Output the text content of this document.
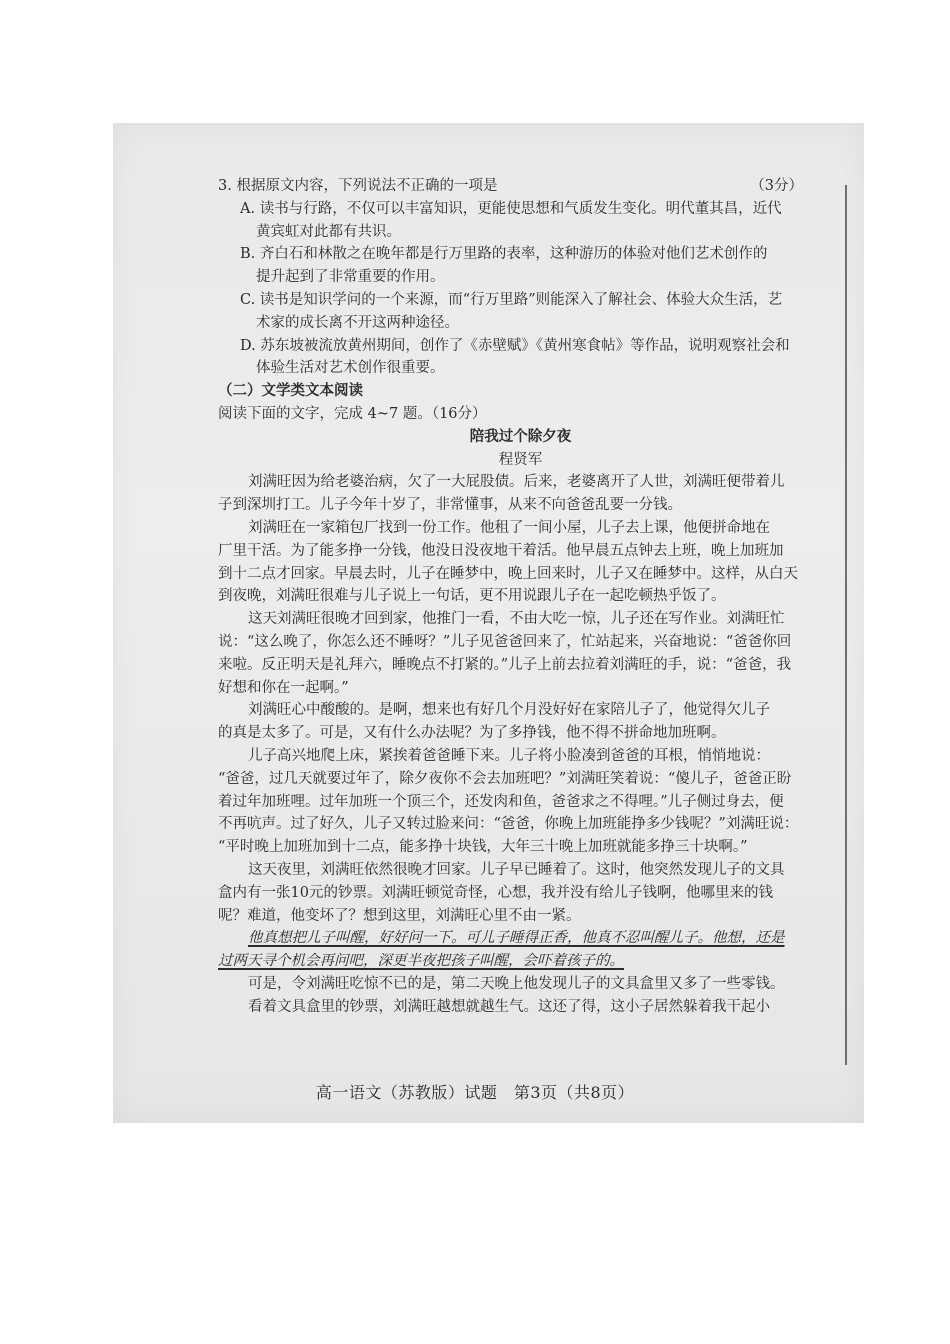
3. 根据原文内容，下列说法不正确的一项是	（3分）
A. 读书与行路，不仅可以丰富知识，更能使思想和气质发生变化。明代董其昌，近代
黄宾虹对此都有共识。
B. 齐白石和林散之在晚年都是行万里路的表率，这种游历的体验对他们艺术创作的
提升起到了非常重要的作用。
C. 读书是知识学问的一个来源，而“行万里路”则能深入了解社会、体验大众生活，艺
术家的成长离不开这两种途径。
D. 苏东坡被流放黄州期间，创作了《赤壁赋》《黄州寒食帖》等作品，说明观察社会和
体验生活对艺术创作很重要。
（二）文学类文本阅读
阅读下面的文字，完成 4~7 题。（16分）
陪我过个除夕夜
程贤军
刘满旺因为给老婆治病，欠了一大屁股债。后来，老婆离开了人世，刘满旺便带着儿
子到深圳打工。儿子今年十岁了，非常懂事，从来不向爸爸乱要一分钱。
刘满旺在一家箱包厂找到一份工作。他租了一间小屋，儿子去上课，他便拼命地在
厂里干活。为了能多挣一分钱，他没日没夜地干着活。他早晨五点钟去上班，晚上加班加
到十二点才回家。早晨去时，儿子在睡梦中，晚上回来时，儿子又在睡梦中。这样，从白天
到夜晚，刘满旺很难与儿子说上一句话，更不用说跟儿子在一起吃顿热乎饭了。
这天刘满旺很晚才回到家，他推门一看，不由大吃一惊，儿子还在写作业。刘满旺忙
说：“这么晚了，你怎么还不睡呀？”儿子见爸爸回来了，忙站起来，兴奋地说：“爸爸你回
来啦。反正明天是礼拜六，睡晚点不打紧的。”儿子上前去拉着刘满旺的手，说：“爸爸，我
好想和你在一起啊。”
刘满旺心中酸酸的。是啊，想来也有好几个月没好好在家陪儿子了，他觉得欠儿子
的真是太多了。可是，又有什么办法呢？为了多挣钱，他不得不拼命地加班啊。
儿子高兴地爬上床，紧挨着爸爸睡下来。儿子将小脸凑到爸爸的耳根，悄悄地说：
“爸爸，过几天就要过年了，除夕夜你不会去加班吧？”刘满旺笑着说：“傻儿子，爸爸正盼
着过年加班哩。过年加班一个顶三个，还发肉和鱼，爸爸求之不得哩。”儿子侧过身去，便
不再吭声。过了好久，儿子又转过脸来问：“爸爸，你晚上加班能挣多少钱呢？”刘满旺说：
“平时晚上加班加到十二点，能多挣十块钱，大年三十晚上加班就能多挣三十块啊。”
这天夜里，刘满旺依然很晚才回家。儿子早已睡着了。这时，他突然发现儿子的文具
盒内有一张10元的钞票。刘满旺顿觉奇怪，心想，我并没有给儿子钱啊，他哪里来的钱
呢？难道，他变坏了？想到这里，刘满旺心里不由一紧。
他真想把儿子叫醒，好好问一下。可儿子睡得正香，他真不忍叫醒儿子。他想，还是
过两天寻个机会再问吧，深更半夜把孩子叫醒，会吓着孩子的。
可是，令刘满旺吃惊不已的是，第二天晚上他发现儿子的文具盒里又多了一些零钱。
看着文具盒里的钞票，刘满旺越想就越生气。这还了得，这小子居然躲着我干起小
高一语文（苏教版）试题　第3页（共8页）
